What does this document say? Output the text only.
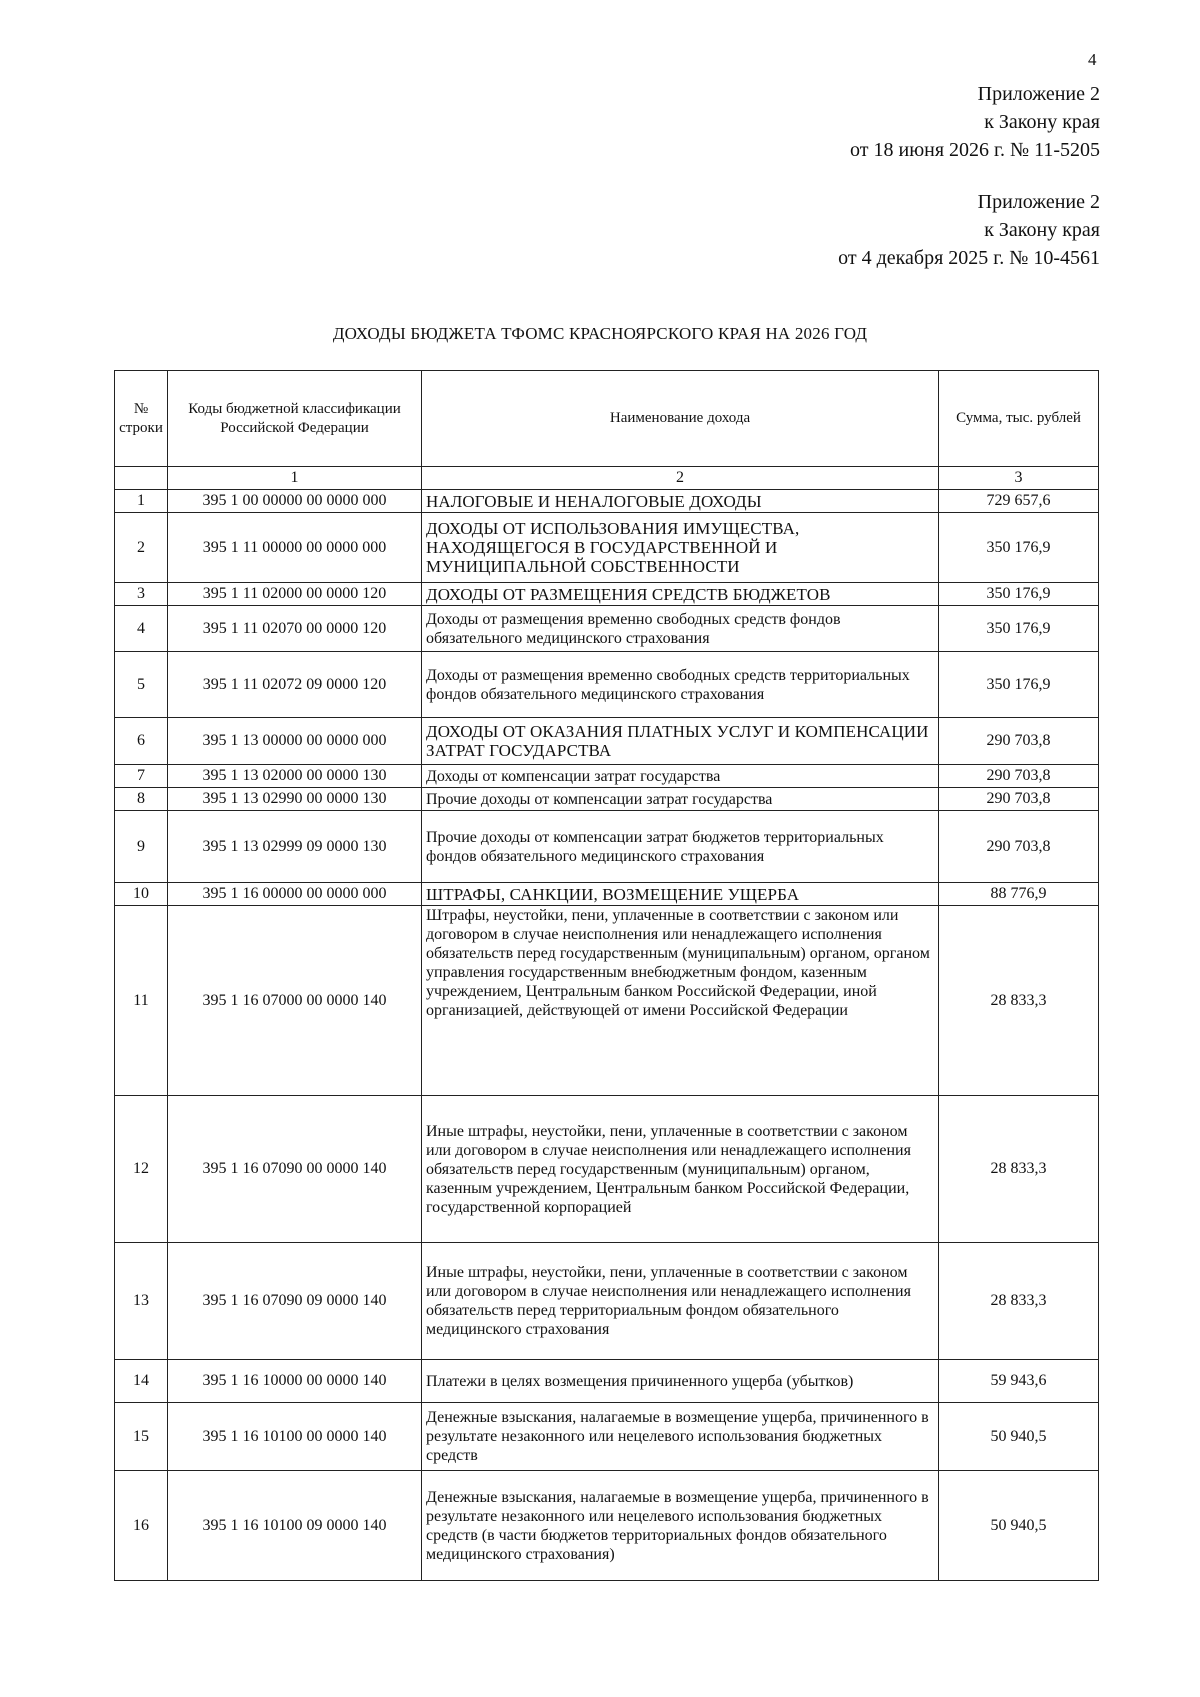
4
Приложение 2
к Закону края
от 18 июня 2026 г. № 11-5205
Приложение 2
к Закону края
от 4 декабря 2025 г. № 10-4561
ДОХОДЫ БЮДЖЕТА ТФОМС КРАСНОЯРСКОГО КРАЯ НА 2026 ГОД
№ строки	Коды бюджетной классификации Российской Федерации	Наименование дохода	Сумма, тыс. рублей
	1	2	3
1	395 1 00 00000 00 0000 000	НАЛОГОВЫЕ И НЕНАЛОГОВЫЕ ДОХОДЫ	729 657,6
2	395 1 11 00000 00 0000 000	ДОХОДЫ ОТ ИСПОЛЬЗОВАНИЯ ИМУЩЕСТВА, НАХОДЯЩЕГОСЯ В ГОСУДАРСТВЕННОЙ И МУНИЦИПАЛЬНОЙ СОБСТВЕННОСТИ	350 176,9
3	395 1 11 02000 00 0000 120	ДОХОДЫ ОТ РАЗМЕЩЕНИЯ СРЕДСТВ БЮДЖЕТОВ	350 176,9
4	395 1 11 02070 00 0000 120	Доходы от размещения временно свободных средств фондов обязательного медицинского страхования	350 176,9
5	395 1 11 02072 09 0000 120	Доходы от размещения временно свободных средств территориальных фондов обязательного медицинского страхования	350 176,9
6	395 1 13 00000 00 0000 000	ДОХОДЫ ОТ ОКАЗАНИЯ ПЛАТНЫХ УСЛУГ И КОМПЕНСАЦИИ ЗАТРАТ ГОСУДАРСТВА	290 703,8
7	395 1 13 02000 00 0000 130	Доходы от компенсации затрат государства	290 703,8
8	395 1 13 02990 00 0000 130	Прочие доходы от компенсации затрат государства	290 703,8
9	395 1 13 02999 09 0000 130	Прочие доходы от компенсации затрат бюджетов территориальных фондов обязательного медицинского страхования	290 703,8
10	395 1 16 00000 00 0000 000	ШТРАФЫ, САНКЦИИ, ВОЗМЕЩЕНИЕ УЩЕРБА	88 776,9
11	395 1 16 07000 00 0000 140	Штрафы, неустойки, пени, уплаченные в соответствии с законом или договором в случае неисполнения или ненадлежащего исполнения обязательств перед государственным (муниципальным) органом, органом управления государственным внебюджетным фондом, казенным учреждением, Центральным банком Российской Федерации, иной организацией, действующей от имени Российской Федерации	28 833,3
12	395 1 16 07090 00 0000 140	Иные штрафы, неустойки, пени, уплаченные в соответствии с законом или договором в случае неисполнения или ненадлежащего исполнения обязательств перед государственным (муниципальным) органом, казенным учреждением, Центральным банком Российской Федерации, государственной корпорацией	28 833,3
13	395 1 16 07090 09 0000 140	Иные штрафы, неустойки, пени, уплаченные в соответствии с законом или договором в случае неисполнения или ненадлежащего исполнения обязательств перед территориальным фондом обязательного медицинского страхования	28 833,3
14	395 1 16 10000 00 0000 140	Платежи в целях возмещения причиненного ущерба (убытков)	59 943,6
15	395 1 16 10100 00 0000 140	Денежные взыскания, налагаемые в возмещение ущерба, причиненного в результате незаконного или нецелевого использования бюджетных средств	50 940,5
16	395 1 16 10100 09 0000 140	Денежные взыскания, налагаемые в возмещение ущерба, причиненного в результате незаконного или нецелевого использования бюджетных средств (в части бюджетов территориальных фондов обязательного медицинского страхования)	50 940,5
